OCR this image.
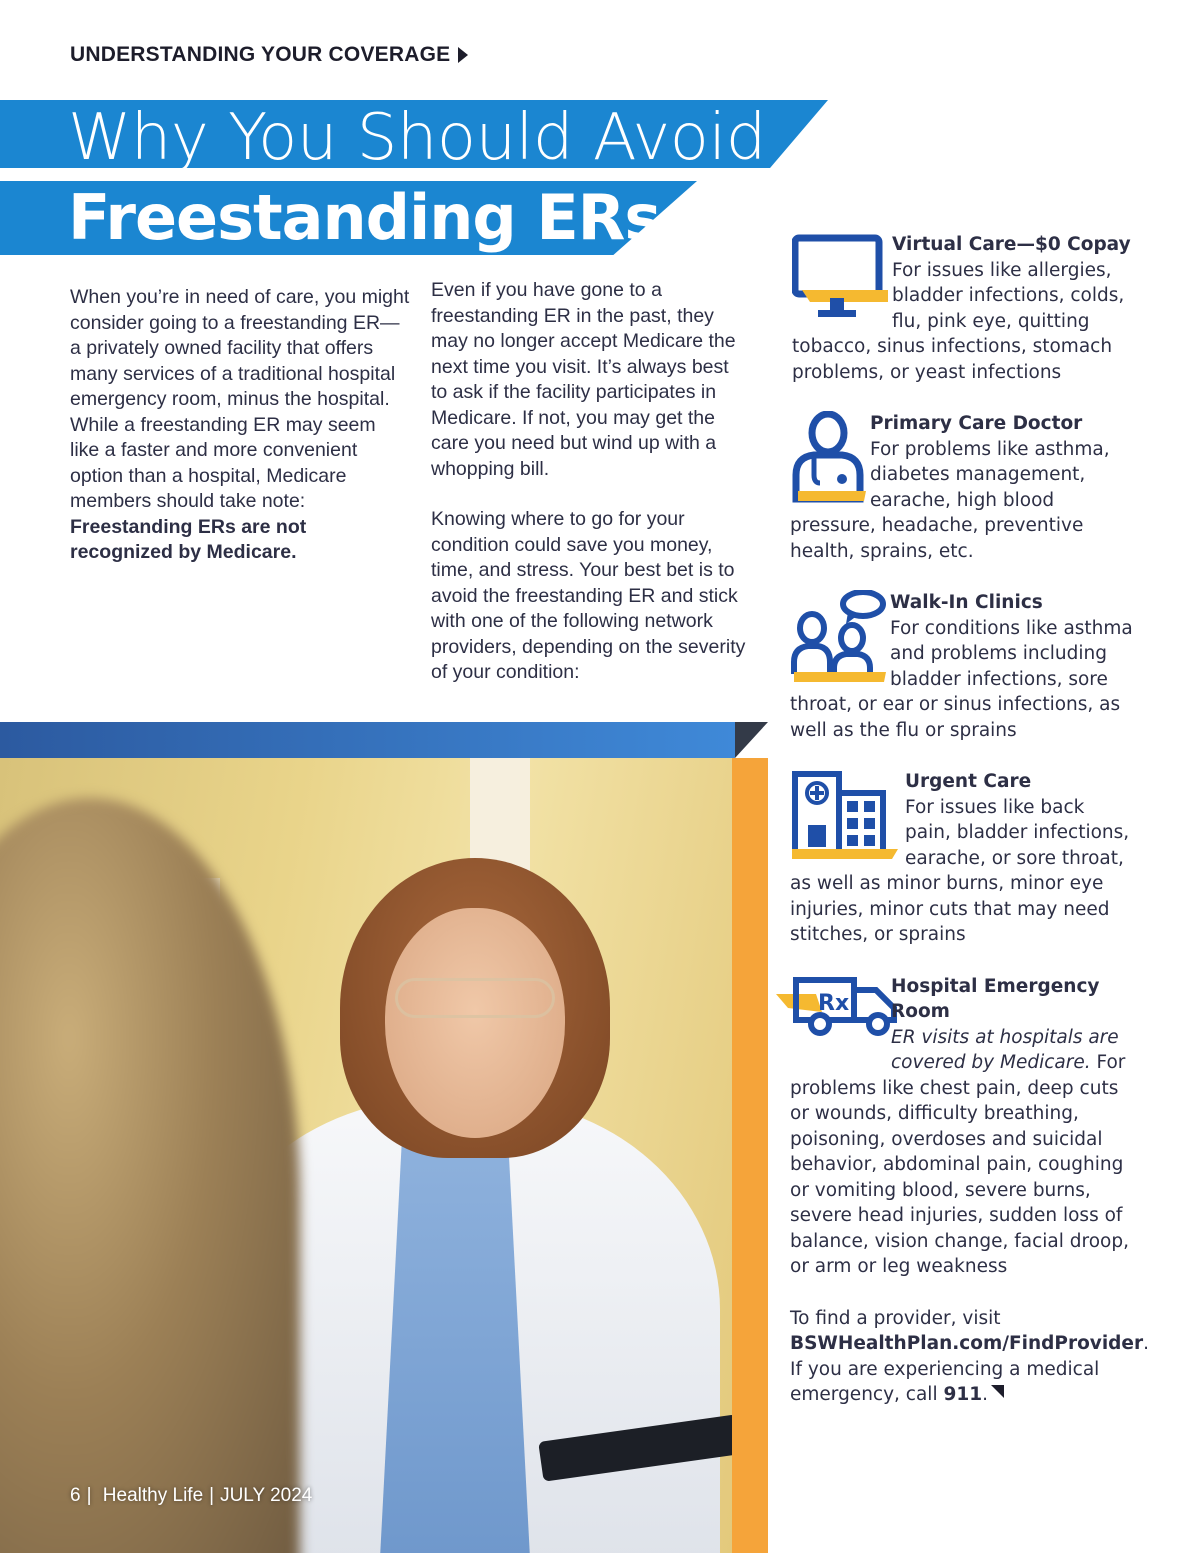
UNDERSTANDING YOUR COVERAGE
Why You Should Avoid
Freestanding ERs
When you’re in need of care, you might consider going to a freestanding ER—a privately owned facility that offers many services of a traditional hospital emergency room, minus the hospital. While a freestanding ER may seem like a faster and more convenient option than a hospital, Medicare members should take note: Freestanding ERs are not recognized by Medicare.

Even if you have gone to a freestanding ER in the past, they may no longer accept Medicare the next time you visit. It’s always best to ask if the facility participates in Medicare. If not, you may get the care you need but wind up with a whopping bill.

Knowing where to go for your condition could save you money, time, and stress. Your best bet is to avoid the freestanding ER and stick with one of the following network providers, depending on the severity of your condition:

6 | Healthy Life | JULY 2024
Virtual Care—$0 Copay

For issues like allergies, bladder infections, colds, flu, pink eye, quitting tobacco, sinus infections, stomach problems, or yeast infections

Primary Care Doctor

For problems like asthma, diabetes management, earache, high blood pressure, headache, preventive health, sprains, etc.

Walk-In Clinics

For conditions like asthma and problems including bladder infections, sore throat, or ear or sinus infections, as well as the flu or sprains

Urgent Care

For issues like back pain, bladder infections, earache, or sore throat, as well as minor burns, minor eye injuries, minor cuts that may need stitches, or sprains

Rx
Hospital Emergency Room

ER visits at hospitals are covered by Medicare. For problems like chest pain, deep cuts or wounds, difficulty breathing, poisoning, overdoses and suicidal behavior, abdominal pain, coughing or vomiting blood, severe burns, severe head injuries, sudden loss of balance, vision change, facial droop, or arm or leg weakness

To find a provider, visit BSWHealthPlan.com/FindProvider. If you are experiencing a medical emergency, call 911.
